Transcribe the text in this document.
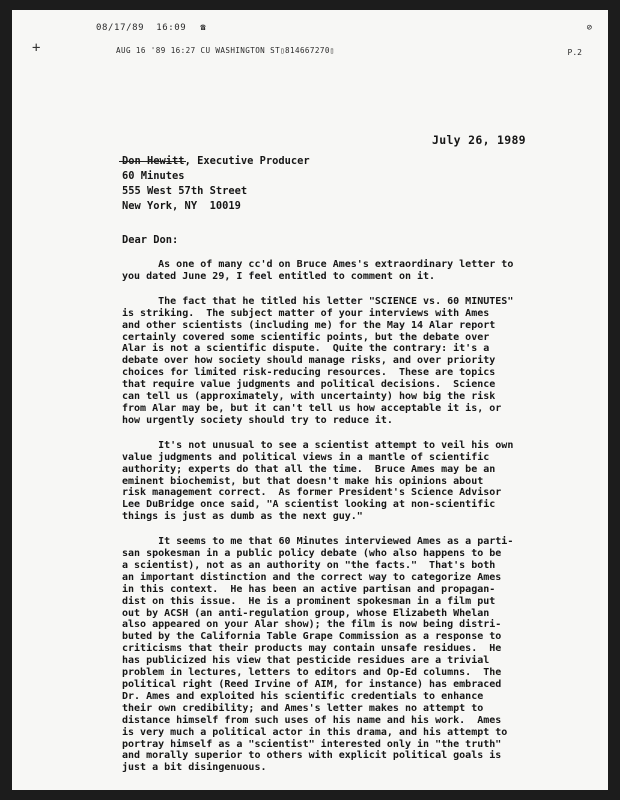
+
08/17/89 16:09 ☎	⊘
AUG 16 '89 16:27 CU WASHINGTON ST▯814667270▯	P.2
July 26, 1989
Don Hewitt, Executive Producer
60 Minutes
555 West 57th Street
New York, NY  10019
Dear Don:
As one of many cc'd on Bruce Ames's extraordinary letter to
you dated June 29, I feel entitled to comment on it.
The fact that he titled his letter "SCIENCE vs. 60 MINUTES"
is striking.  The subject matter of your interviews with Ames
and other scientists (including me) for the May 14 Alar report
certainly covered some scientific points, but the debate over
Alar is not a scientific dispute.  Quite the contrary: it's a
debate over how society should manage risks, and over priority
choices for limited risk-reducing resources.  These are topics
that require value judgments and political decisions.  Science
can tell us (approximately, with uncertainty) how big the risk
from Alar may be, but it can't tell us how acceptable it is, or
how urgently society should try to reduce it.
It's not unusual to see a scientist attempt to veil his own
value judgments and political views in a mantle of scientific
authority; experts do that all the time.  Bruce Ames may be an
eminent biochemist, but that doesn't make his opinions about
risk management correct.  As former President's Science Advisor
Lee DuBridge once said, "A scientist looking at non-scientific
things is just as dumb as the next guy."
It seems to me that 60 Minutes interviewed Ames as a parti-
san spokesman in a public policy debate (who also happens to be
a scientist), not as an authority on "the facts."  That's both
an important distinction and the correct way to categorize Ames
in this context.  He has been an active partisan and propagan-
dist on this issue.  He is a prominent spokesman in a film put
out by ACSH (an anti-regulation group, whose Elizabeth Whelan
also appeared on your Alar show); the film is now being distri-
buted by the California Table Grape Commission as a response to
criticisms that their products may contain unsafe residues.  He
has publicized his view that pesticide residues are a trivial
problem in lectures, letters to editors and Op-Ed columns.  The
political right (Reed Irvine of AIM, for instance) has embraced
Dr. Ames and exploited his scientific credentials to enhance
their own credibility; and Ames's letter makes no attempt to
distance himself from such uses of his name and his work.  Ames
is very much a political actor in this drama, and his attempt to
portray himself as a "scientist" interested only in "the truth"
and morally superior to others with explicit political goals is
just a bit disingenuous.
